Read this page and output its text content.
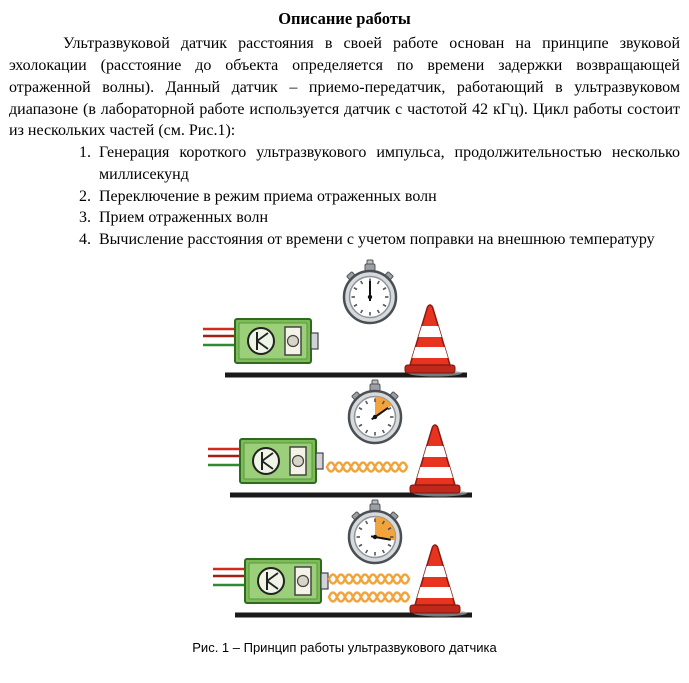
Описание работы

Ультразвуковой датчик расстояния в своей работе основан на принципе звуковой эхолокации (расстояние до объекта определяется по времени задержки возвращающей отраженной волны). Данный датчик – приемо-передатчик, работающий в ультразвуковом диапазоне (в лабораторной работе используется датчик с частотой 42 кГц). Цикл работы состоит из нескольких частей (см. Рис.1):

1. Генерация короткого ультразвукового импульса, продолжительностью несколько миллисекунд
2. Переключение в режим приема отраженных волн
3. Прием отраженных волн
4. Вычисление расстояния от времени с учетом поправки на внешнюю температуру
Рис. 1 – Принцип работы ультразвукового датчика
